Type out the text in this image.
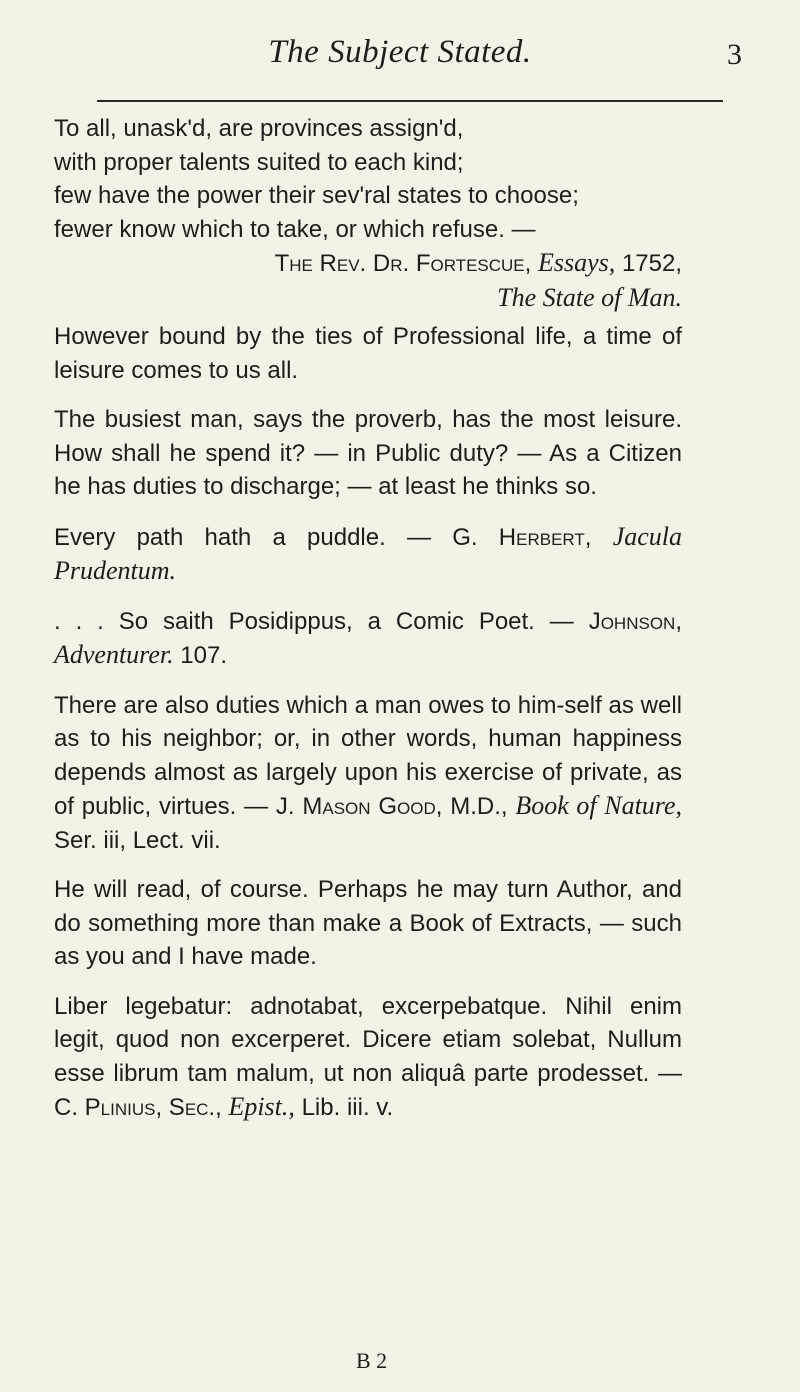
The Subject Stated.	3
To all, unask'd, are provinces assign'd,
with proper talents suited to each kind;
few have the power their sev'ral states to choose;
fewer know which to take, or which refuse. —
The Rev. Dr. Fortescue, Essays, 1752,
The State of Man.

However bound by the ties of Professional life, a time of leisure comes to us all.

The busiest man, says the proverb, has the most leisure. How shall he spend it? — in Public duty? — As a Citizen he has duties to discharge; — at least he thinks so.

Every path hath a puddle. — G. Herbert, Jacula Prudentum.

. . . So saith Posidippus, a Comic Poet. — Johnson, Adventurer. 107.

There are also duties which a man owes to him-self as well as to his neighbor; or, in other words, human happiness depends almost as largely upon his exercise of private, as of public, virtues. — J. Mason Good, M.D., Book of Nature, Ser. iii, Lect. vii.

He will read, of course. Perhaps he may turn Author, and do something more than make a Book of Extracts, — such as you and I have made.

Liber legebatur: adnotabat, excerpebatque. Nihil enim legit, quod non excerperet. Dicere etiam solebat, Nullum esse librum tam malum, ut non aliquâ parte prodesset. — C. Plinius, Sec., Epist., Lib. iii. v.

B 2
